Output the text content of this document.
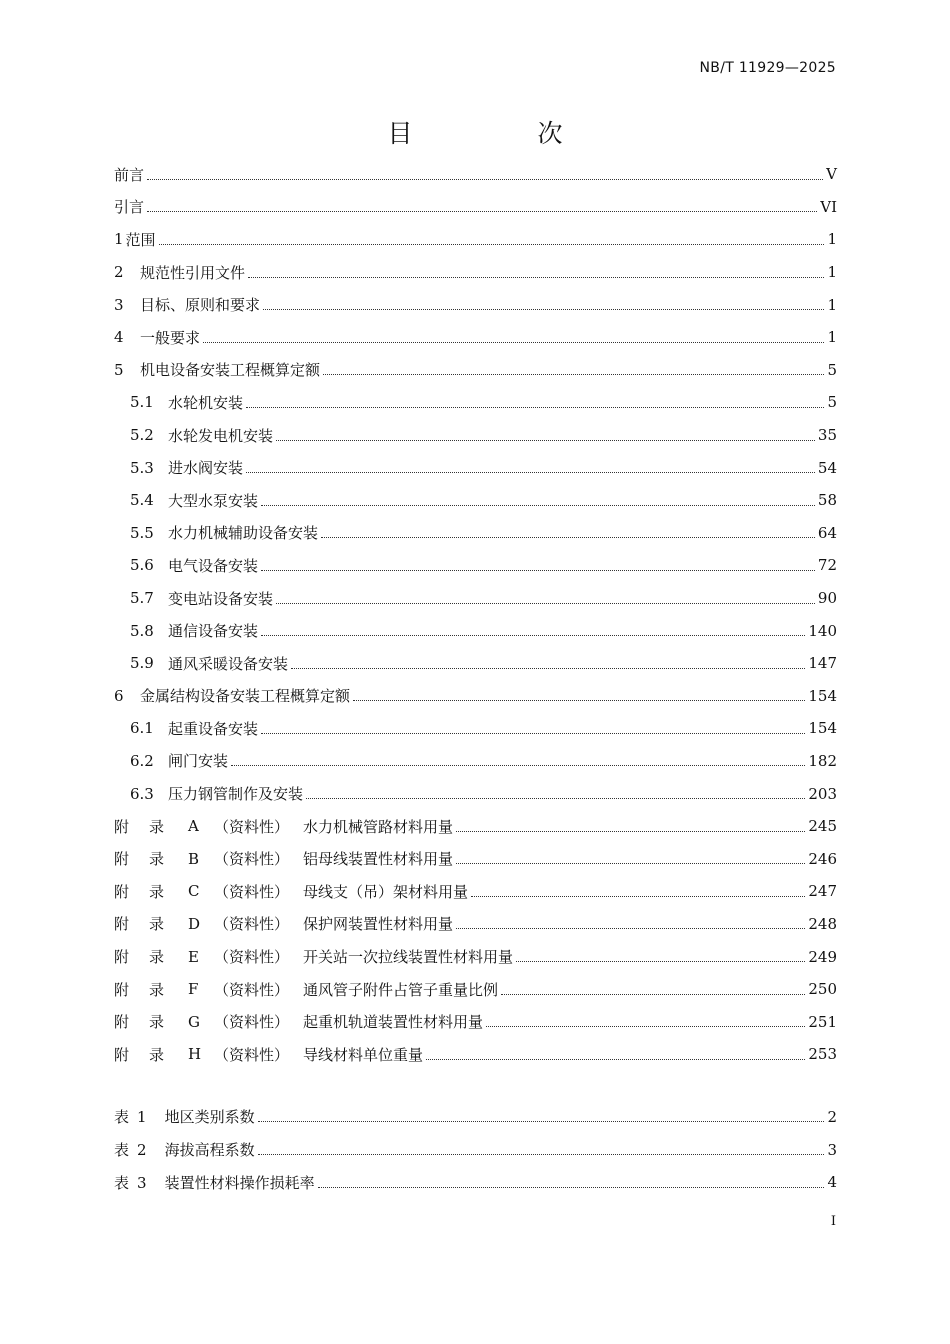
NB/T 11929—2025
目　次
前言	V
引言	VI
1 范围	1
2	规范性引用文件	1
3	目标、原则和要求	1
4	一般要求	1
5	机电设备安装工程概算定额	5
5.1 水轮机安装	5
5.2 水轮发电机安装	35
5.3 进水阀安装	54
5.4 大型水泵安装	58
5.5 水力机械辅助设备安装	64
5.6 电气设备安装	72
5.7 变电站设备安装	90
5.8 通信设备安装	140
5.9 通风采暖设备安装	147
6	金属结构设备安装工程概算定额	154
6.1 起重设备安装	154
6.2 闸门安装	182
6.3 压力钢管制作及安装	203
附录 A	（资料性） 水力机械管路材料用量	245
附录 B （资料性） 铝母线装置性材料用量	246
附录 C （资料性） 母线支（吊）架材料用量	247
附录 D （资料性） 保护网装置性材料用量	248
附录 E	（资料性） 开关站一次拉线装置性材料用量	249
附录 F	（资料性） 通风管子附件占管子重量比例	250
附录 G （资料性） 起重机轨道装置性材料用量	251
附录 H （资料性） 导线材料单位重量	253
表1 地区类别系数	2
表2 海拔高程系数	3
表3 装置性材料操作损耗率	4
I
